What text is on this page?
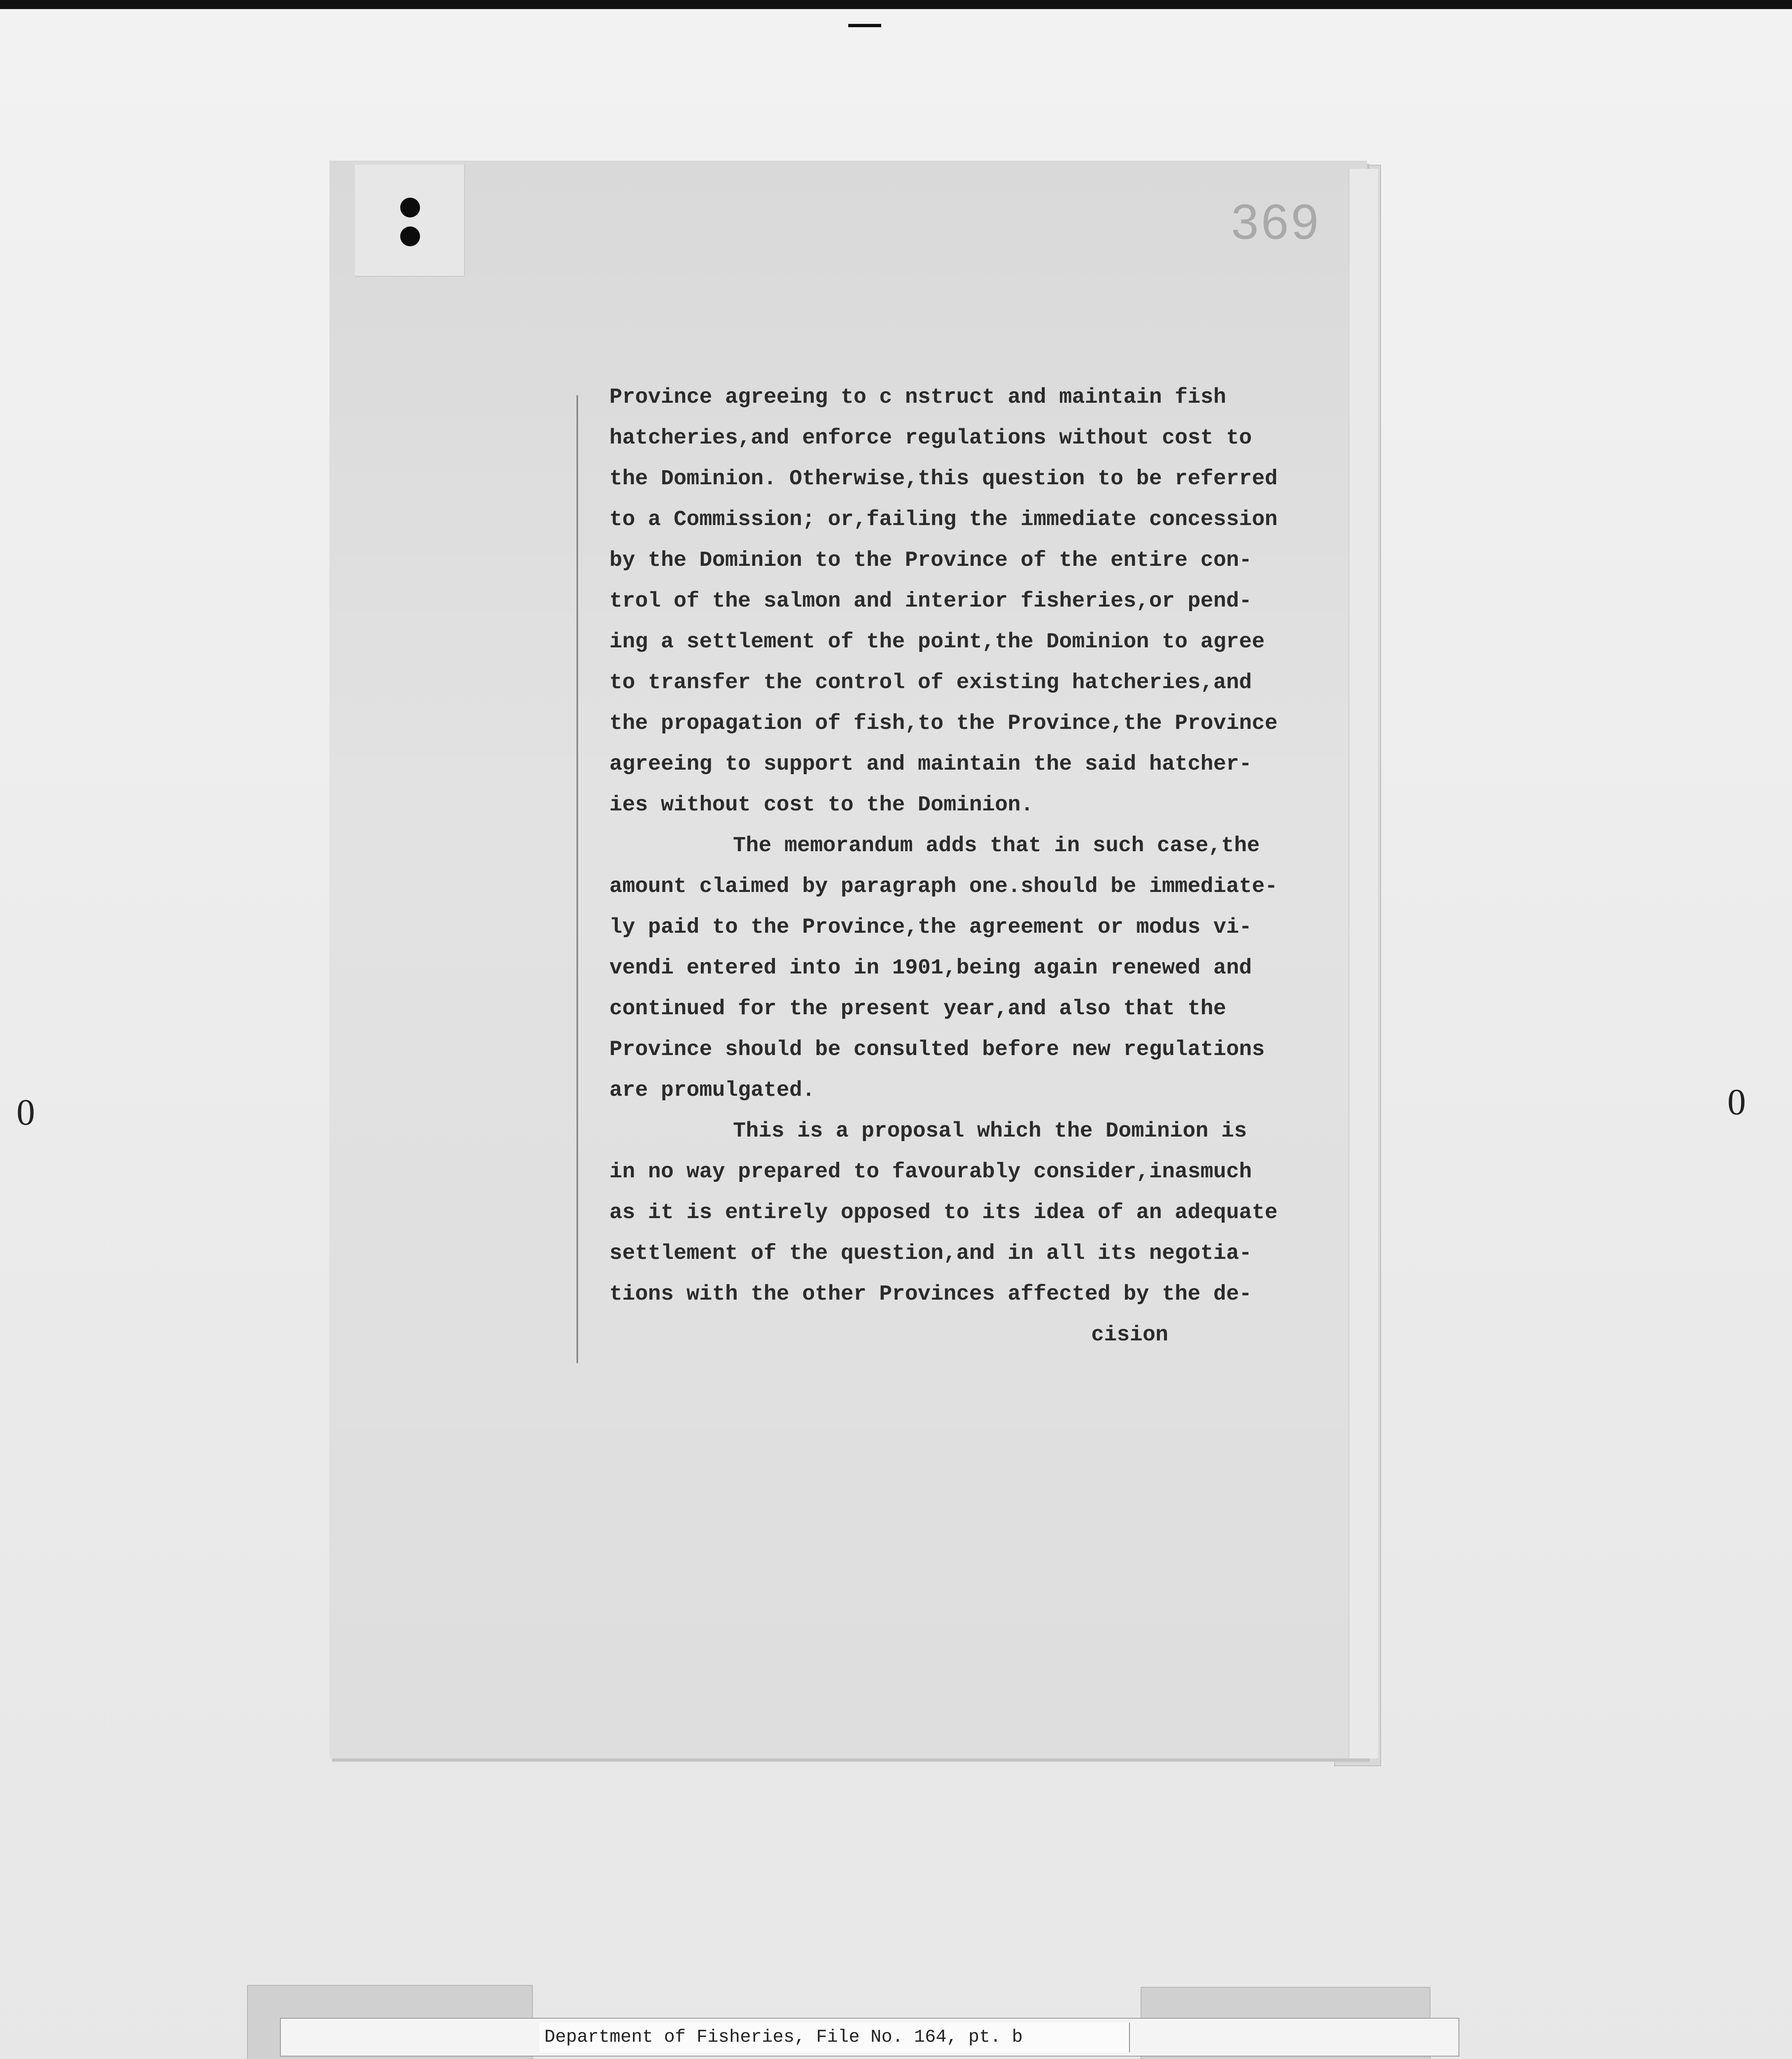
0	0
369
Province agreeing to c nstruct and maintain fish
hatcheries,and enforce regulations without cost to
the Dominion. Otherwise,this question to be referred
to a Commission; or,failing the immediate concession
by the Dominion to the Province of the entire con-
trol of the salmon and interior fisheries,or pend-
ing a settlement of the point,the Dominion to agree
to transfer the control of existing hatcheries,and
the propagation of fish,to the Province,the Province
agreeing to support and maintain the said hatcher-
ies without cost to the Dominion.
The memorandum adds that in such case,the
amount claimed by paragraph one.should be immediate-
ly paid to the Province,the agreement or modus vi-
vendi entered into in 1901,being again renewed and
continued for the present year,and also that the
Province should be consulted before new regulations
are promulgated.
This is a proposal which the Dominion is
in no way prepared to favourably consider,inasmuch
as it is entirely opposed to its idea of an adequate
settlement of the question,and in all its negotia-
tions with the other Provinces affected by the de-
cision
Department of Fisheries, File No. 164, pt. b
